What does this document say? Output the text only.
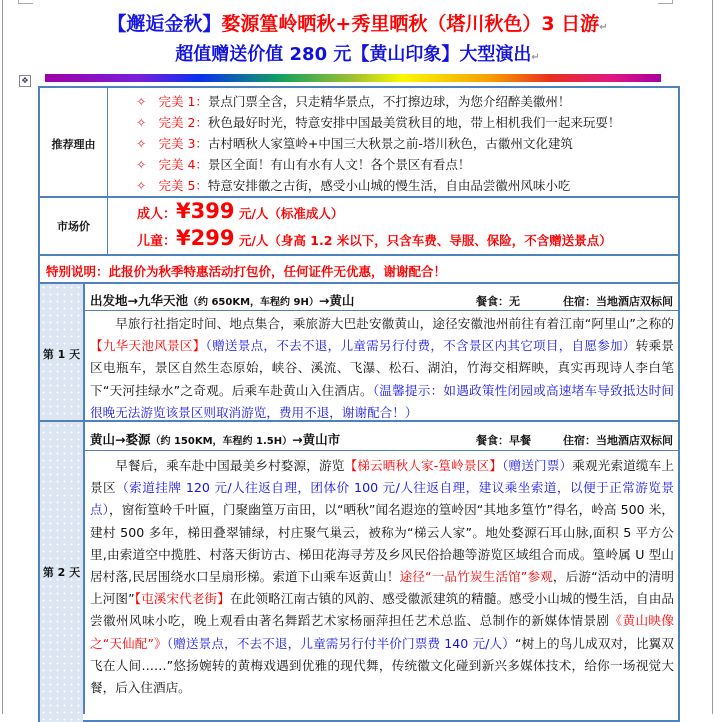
【邂逅金秋】婺源篁岭晒秋+秀里晒秋（塔川秋色）3 日游↵
超值赠送价值 280 元【黄山印象】大型演出↵
✥
推荐理由
✧ 完美 1：景点门票全含，只走精华景点，不打擦边球，为您介绍醉美徽州！
✧ 完美 2：秋色最好时光，特意安排中国最美赏秋目的地，带上相机我们一起来玩耍！
✧ 完美 3：古村晒秋人家篁岭+中国三大秋景之前-塔川秋色，古徽州文化建筑
✧ 完美 4：景区全面！有山有水有人文！各个景区有看点！
✧ 完美 5：特意安排徽之古街，感受小山城的慢生活，自由品尝徽州风味小吃
市场价
成人：¥399 元/人（标准成人）
儿童：¥299 元/人（身高 1.2 米以下，只含车费、导服、保险，不含赠送景点）
特别说明：此报价为秋季特惠活动打包价，任何证件无优惠，谢谢配合！
第 1 天
出发地→九华天池（约 650KM，车程约 9H）→黄山	餐食：无	住宿：当地酒店双标间
早旅行社指定时间、地点集合，乘旅游大巴赴安徽黄山，途径安徽池州前往有着江南“阿里山”之称的【九华天池风景区】（赠送景点，不去不退，儿童需另行付费，不含景区内其它项目，自愿参加）转乘景区电瓶车，景区自然生态原始，峡谷、溪流、飞瀑、松石、湖泊，竹海交相辉映，真实再现诗人李白笔下“天河挂绿水”之奇观。后乘车赴黄山入住酒店。（温馨提示：如遇政策性闭园或高速堵车导致抵达时间很晚无法游览该景区则取消游览，费用不退，谢谢配合！）
第 2 天
黄山→婺源（约 150KM，车程约 1.5H）→黄山市	餐食：早餐	住宿：当地酒店双标间
早餐后，乘车赴中国最美乡村婺源，游览【梯云晒秋人家-篁岭景区】（赠送门票）乘观光索道缆车上景区（索道挂牌 120 元/人往返自理，团体价 100 元/人往返自理，建议乘坐索道，以便于正常游览景点），窗衔篁岭千叶匾，门聚幽篁万亩田，以“晒秋”闻名遐迩的篁岭因“其地多篁竹”得名，岭高 500 米，建村 500 多年，梯田叠翠铺绿，村庄聚气巢云，被称为“梯云人家”。地处婺源石耳山脉,面积 5 平方公里,由索道空中揽胜、村落天街访古、梯田花海寻芳及乡风民俗拾趣等游览区域组合而成。篁岭属 U 型山居村落,民居围绕水口呈扇形梯。索道下山乘车返黄山！途径“一品竹炭生活馆”参观，后游“活动中的清明上河图”【屯溪宋代老街】在此领略江南古镇的风韵、感受徽派建筑的精髓。感受小山城的慢生活，自由品尝徽州风味小吃，晚上观看由著名舞蹈艺术家杨丽萍担任艺术总监、总制作的新媒体情景剧《黄山映像之“天仙配”》（赠送景点，不去不退，儿童需另行付半价门票费 140 元/人）“树上的鸟儿成双对，比翼双飞在人间……”悠扬婉转的黄梅戏遇到优雅的现代舞，传统徽文化碰到新兴多媒体技术，给你一场视觉大餐，后入住酒店。
